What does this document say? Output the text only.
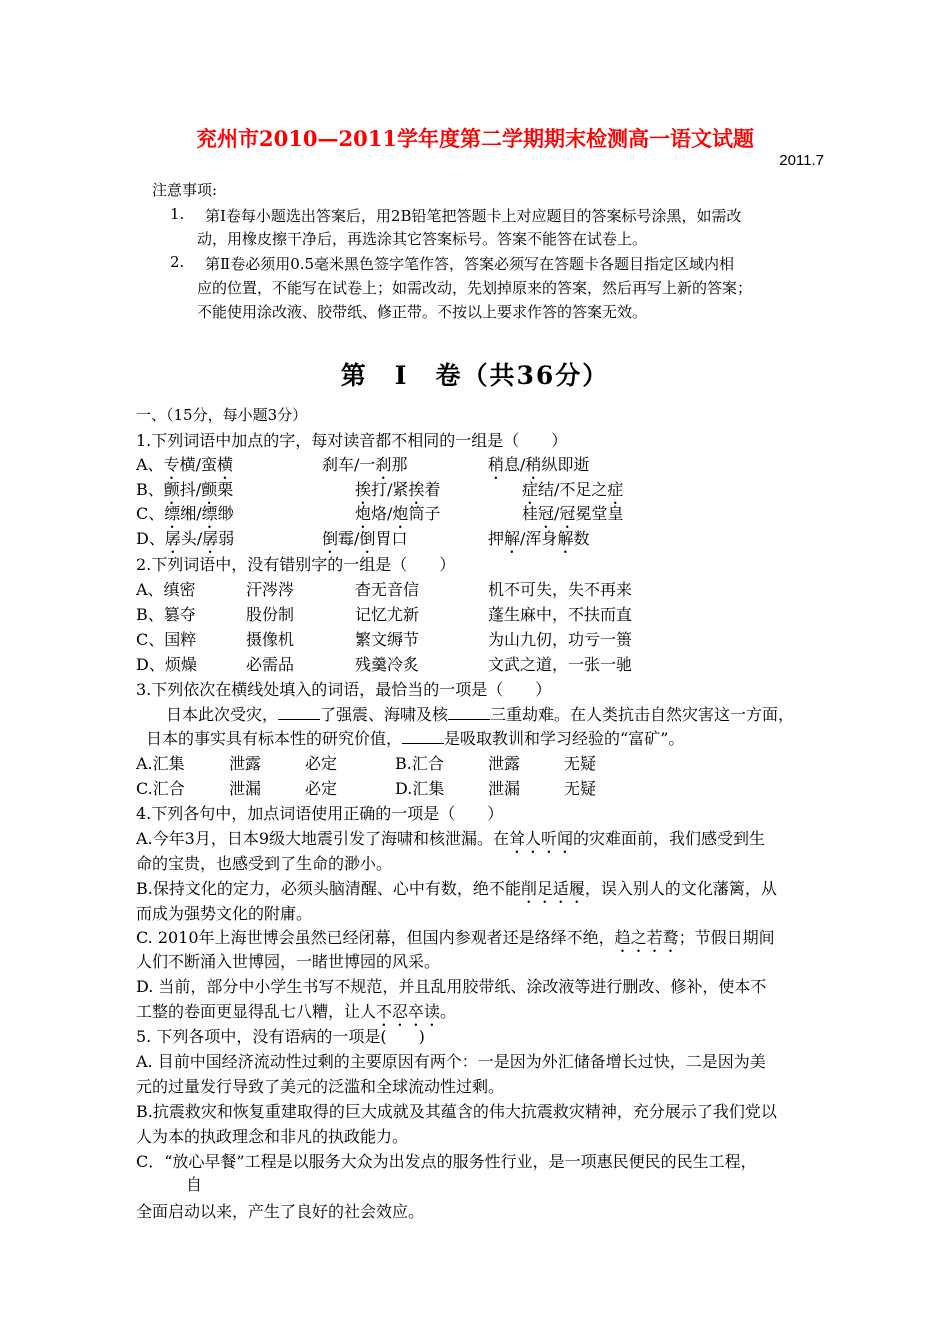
兖州市2010—2011学年度第二学期期末检测高一语文试题
2011.7
注意事项:
1. 第Ⅰ卷每小题选出答案后，用2B铅笔把答题卡上对应题目的答案标号涂黑，如需改
动，用橡皮擦干净后，再选涂其它答案标号。答案不能答在试卷上。
2. 第Ⅱ卷必须用0.5毫米黑色签字笔作答，答案必须写在答题卡各题目指定区域内相
应的位置，不能写在试卷上；如需改动，先划掉原来的答案，然后再写上新的答案；
不能使用涂改液、胶带纸、修正带。不按以上要求作答的答案无效。
第　Ⅰ　卷（共36分）
一、（15分，每小题3分）
1.下列词语中加点的字，每对读音都不相同的一组是（　　）
A、专横/蛮横	刹车/一刹那	稍息/稍纵即逝
B、颤抖/颤栗	挨打/紧挨着	症结/不足之症
C、缥缃/缥缈	炮烙/炮筒子	桂冠/冠冕堂皇
D、孱头/孱弱	倒霉/倒胃口	押解/浑身解数
2.下列词语中，没有错别字的一组是（　　）
A、缜密	汗涔涔	杳无音信	机不可失，失不再来
B、篡夺	股份制	记忆尤新	蓬生麻中，不扶而直
C、国粹	摄像机	繁文缛节	为山九仞，功亏一篑
D、烦燥	必需品	残羹冷炙	文武之道，一张一驰
3.下列依次在横线处填入的词语，最恰当的一项是（　　）
日本此次受灾，	了强震、海啸及核	三重劫难。在人类抗击自然灾害这一方面，
日本的事实具有标本性的研究价值，	是吸取教训和学习经验的“富矿”。
A.汇集	泄露	必定	B.汇合	泄露	无疑
C.汇合	泄漏	必定	D.汇集	泄漏	无疑
4.下列各句中，加点词语使用正确的一项是（　　）
A.今年3月，日本9级大地震引发了海啸和核泄漏。在耸人听闻的灾难面前，我们感受到生
命的宝贵，也感受到了生命的渺小。
B.保持文化的定力，必须头脑清醒、心中有数，绝不能削足适履，误入别人的文化藩篱，从
而成为强势文化的附庸。
C. 2010年上海世博会虽然已经闭幕，但国内参观者还是络绎不绝，趋之若鹜；节假日期间
人们不断涌入世博园，一睹世博园的风采。
D. 当前，部分中小学生书写不规范，并且乱用胶带纸、涂改液等进行删改、修补，使本不
工整的卷面更显得乱七八糟，让人不忍卒读。
5. 下列各项中，没有语病的一项是(　　)
A. 目前中国经济流动性过剩的主要原因有两个：一是因为外汇储备增长过快，二是因为美
元的过量发行导致了美元的泛滥和全球流动性过剩。
B.抗震救灾和恢复重建取得的巨大成就及其蕴含的伟大抗震救灾精神，充分展示了我们党以
人为本的执政理念和非凡的执政能力。
C．“放心早餐”工程是以服务大众为出发点的服务性行业，是一项惠民便民的民生工程，
自
全面启动以来，产生了良好的社会效应。
